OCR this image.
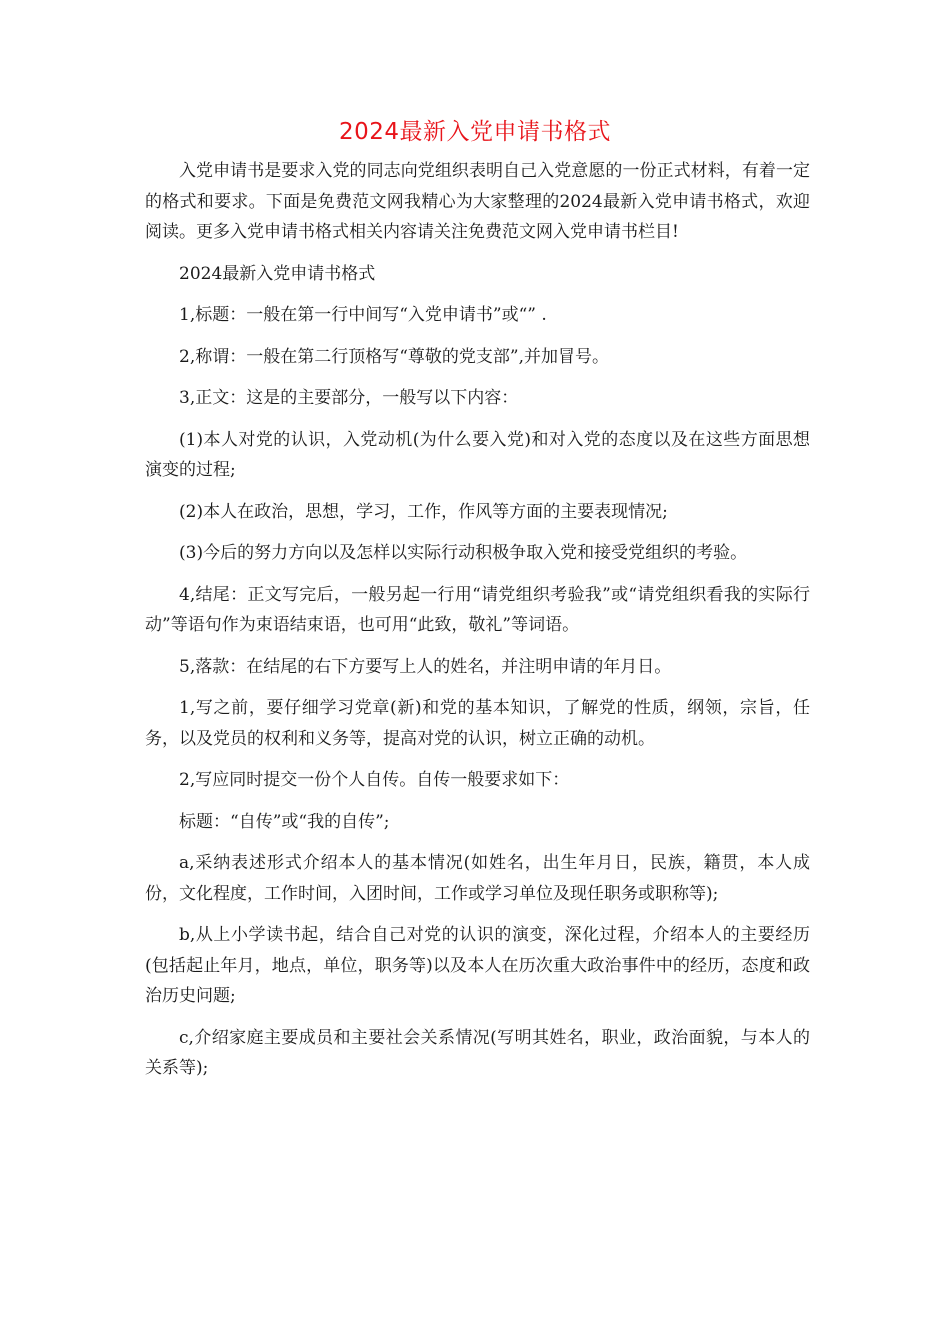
2024最新入党申请书格式

入党申请书是要求入党的同志向党组织表明自己入党意愿的一份正式材料，有着一定的格式和要求。下面是免费范文网我精心为大家整理的2024最新入党申请书格式，欢迎阅读。更多入党申请书格式相关内容请关注免费范文网入党申请书栏目!

2024最新入党申请书格式

1,标题：一般在第一行中间写“入党申请书”或“” .

2,称谓：一般在第二行顶格写“尊敬的党支部”,并加冒号。

3,正文：这是的主要部分，一般写以下内容：

(1)本人对党的认识，入党动机(为什么要入党)和对入党的态度以及在这些方面思想演变的过程;

(2)本人在政治，思想，学习，工作，作风等方面的主要表现情况;

(3)今后的努力方向以及怎样以实际行动积极争取入党和接受党组织的考验。

4,结尾：正文写完后，一般另起一行用“请党组织考验我”或“请党组织看我的实际行动”等语句作为束语结束语，也可用“此致，敬礼”等词语。

5,落款：在结尾的右下方要写上人的姓名，并注明申请的年月日。

1,写之前，要仔细学习党章(新)和党的基本知识，了解党的性质，纲领，宗旨，任务，以及党员的权利和义务等，提高对党的认识，树立正确的动机。

2,写应同时提交一份个人自传。自传一般要求如下：

标题：“自传”或“我的自传”;

a,采纳表述形式介绍本人的基本情况(如姓名，出生年月日，民族，籍贯，本人成份，文化程度，工作时间，入团时间，工作或学习单位及现任职务或职称等);

b,从上小学读书起，结合自己对党的认识的演变，深化过程，介绍本人的主要经历(包括起止年月，地点，单位，职务等)以及本人在历次重大政治事件中的经历，态度和政治历史问题;

c,介绍家庭主要成员和主要社会关系情况(写明其姓名，职业，政治面貌，与本人的关系等);
